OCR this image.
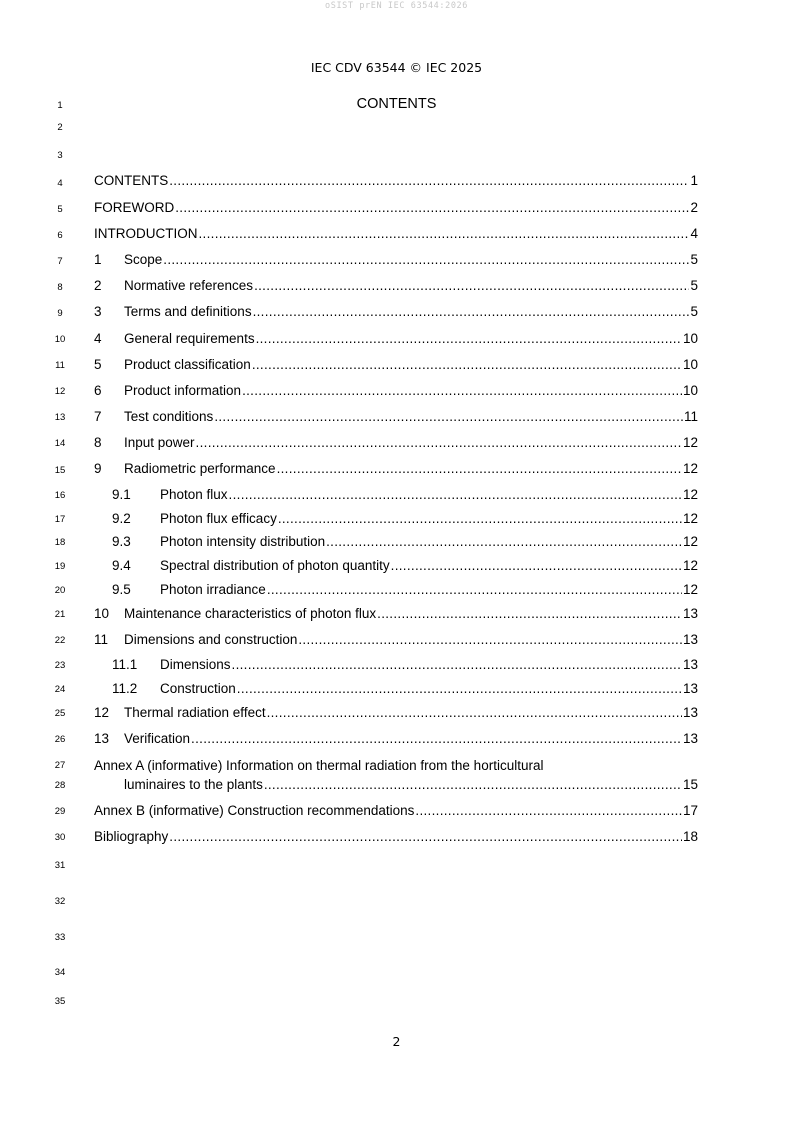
oSIST prEN IEC 63544:2026
IEC CDV 63544 © IEC 2025
1
2
3
4
5
6
7
8
9
10
11
12
13
14
15
16
17
18
19
20
21
22
23
24
25
26
27
28
29
30
31
32
33
34
35
CONTENTS
CONTENTS .....	1
FOREWORD .....	2
INTRODUCTION .....	4
1	Scope .....	5
2	Normative references .....	5
3	Terms and definitions .....	5
4	General requirements .....	10
5	Product classification .....	10
6	Product information .....	10
7	Test conditions .....	11
8	Input power .....	12
9	Radiometric performance .....	12
9.1	Photon flux .....	12
9.2	Photon flux efficacy .....	12
9.3	Photon intensity distribution .....	12
9.4	Spectral distribution of photon quantity .....	12
9.5	Photon irradiance .....	12
10	Maintenance characteristics of photon flux .....	13
11	Dimensions and construction .....	13
11.1	Dimensions .....	13
11.2	Construction .....	13
12	Thermal radiation effect .....	13
13	Verification .....	13
Annex A (informative) Information on thermal radiation from the horticultural
luminaires to the plants .....	15
Annex B (informative) Construction recommendations .....	17
Bibliography .....	18
2
